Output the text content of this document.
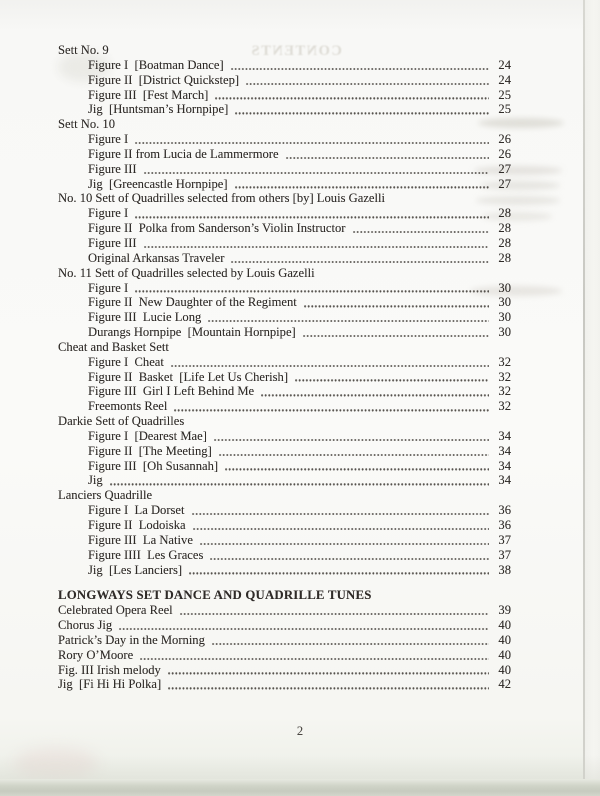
CONTENTS
Sett No. 9
Figure I  [Boatman Dance]	24
Figure II  [District Quickstep]	24
Figure III  [Fest March]	25
Jig  [Huntsman’s Hornpipe]	25
Sett No. 10
Figure I	26
Figure II from Lucia de Lammermore	26
Figure III	27
Jig  [Greencastle Hornpipe]	27
No. 10 Sett of Quadrilles selected from others [by] Louis Gazelli
Figure I	28
Figure II  Polka from Sanderson’s Violin Instructor	28
Figure III	28
Original Arkansas Traveler	28
No. 11 Sett of Quadrilles selected by Louis Gazelli
Figure I	30
Figure II  New Daughter of the Regiment	30
Figure III  Lucie Long	30
Durangs Hornpipe  [Mountain Hornpipe]	30
Cheat and Basket Sett
Figure I  Cheat	32
Figure II  Basket  [Life Let Us Cherish]	32
Figure III  Girl I Left Behind Me	32
Freemonts Reel	32
Darkie Sett of Quadrilles
Figure I  [Dearest Mae]	34
Figure II  [The Meeting]	34
Figure III  [Oh Susannah]	34
Jig	34
Lanciers Quadrille
Figure I  La Dorset	36
Figure II  Lodoiska	36
Figure III  La Native	37
Figure IIII  Les Graces	37
Jig  [Les Lanciers]	38
LONGWAYS SET DANCE AND QUADRILLE TUNES
Celebrated Opera Reel	39
Chorus Jig	40
Patrick’s Day in the Morning	40
Rory O’Moore	40
Fig. III Irish melody	40
Jig  [Fi Hi Hi Polka]	42
2
